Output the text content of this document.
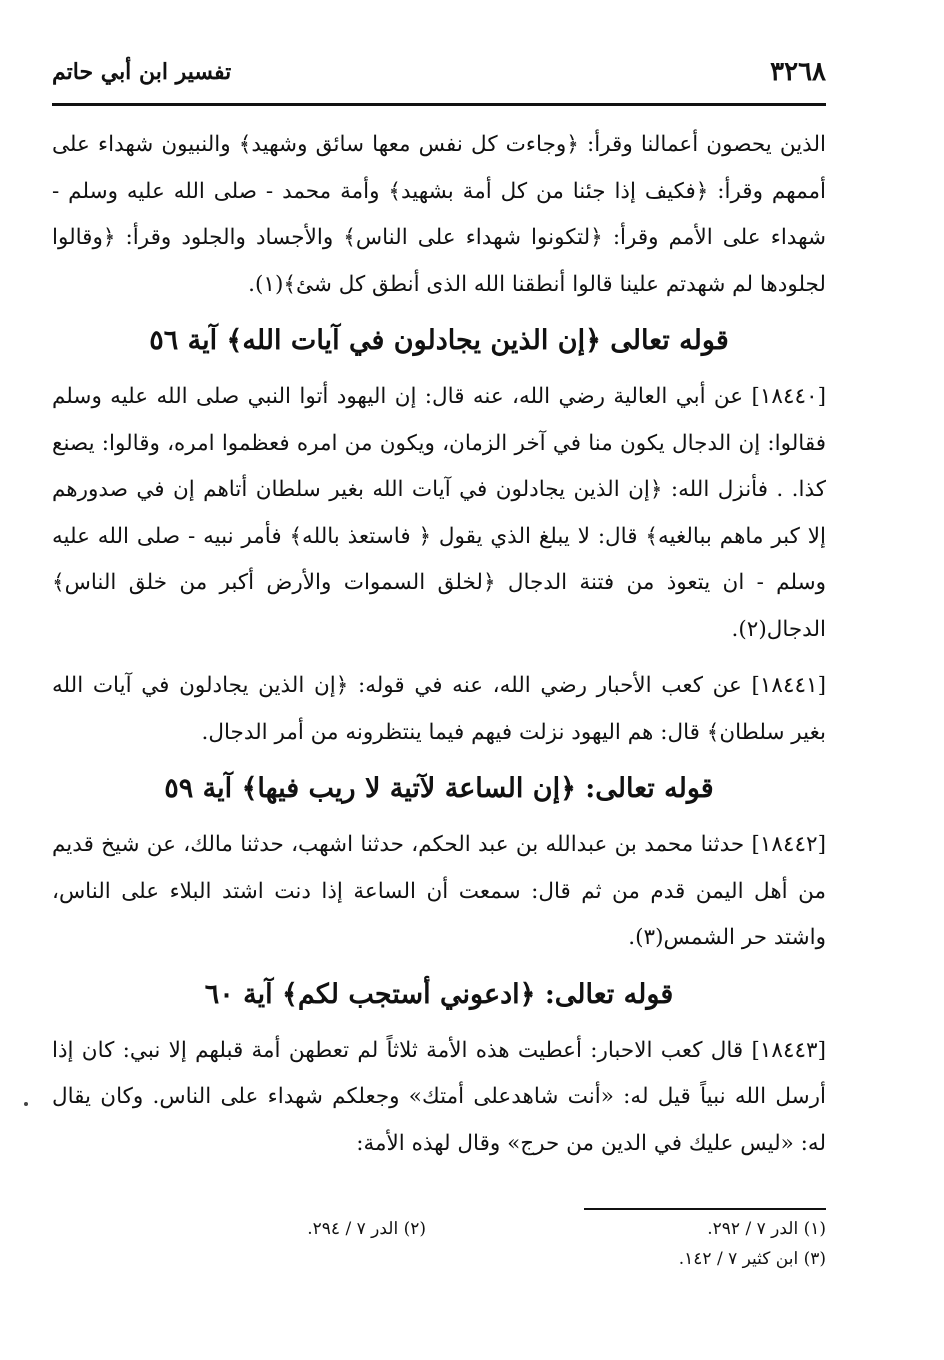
٣٢٦٨
تفسير ابن أبي حاتم

الذين يحصون أعمالنا وقرأ: ﴿وجاءت كل نفس معها سائق وشهيد﴾ والنبيون شهداء على أممهم وقرأ: ﴿فكيف إذا جئنا من كل أمة بشهيد﴾ وأمة محمد - صلى الله عليه وسلم - شهداء على الأمم وقرأ: ﴿لتكونوا شهداء على الناس﴾ والأجساد والجلود وقرأ: ﴿وقالوا لجلودها لم شهدتم علينا قالوا أنطقنا الله الذى أنطق كل شئ﴾(١).

قوله تعالى ﴿إن الذين يجادلون في آيات الله﴾ آية ٥٦

[١٨٤٤٠] عن أبي العالية رضي الله، عنه قال: إن اليهود أتوا النبي صلى الله عليه وسلم فقالوا: إن الدجال يكون منا في آخر الزمان، ويكون من امره فعظموا امره، وقالوا: يصنع كذا. . فأنزل الله: ﴿إن الذين يجادلون في آيات الله بغير سلطان أتاهم إن في صدورهم إلا كبر ماهم ببالغيه﴾ قال: لا يبلغ الذي يقول ﴿ فاستعذ بالله﴾ فأمر نبيه - صلى الله عليه وسلم - ان يتعوذ من فتنة الدجال ﴿لخلق السموات والأرض أكبر من خلق الناس﴾ الدجال(٢).

[١٨٤٤١] عن كعب الأحبار رضي الله، عنه في قوله: ﴿إن الذين يجادلون في آيات الله بغير سلطان﴾ قال: هم اليهود نزلت فيهم فيما ينتظرونه من أمر الدجال.

قوله تعالى: ﴿إن الساعة لآتية لا ريب فيها﴾ آية ٥٩

[١٨٤٤٢] حدثنا محمد بن عبدالله بن عبد الحكم، حدثنا اشهب، حدثنا مالك، عن شيخ قديم من أهل اليمن قدم من ثم قال: سمعت أن الساعة إذا دنت اشتد البلاء على الناس، واشتد حر الشمس(٣).

قوله تعالى: ﴿ادعوني أستجب لكم﴾ آية ٦٠

[١٨٤٤٣] قال كعب الاحبار: أعطيت هذه الأمة ثلاثاً لم تعطهن أمة قبلهم إلا نبي: كان إذا أرسل الله نبياً قيل له: «أنت شاهدعلى أمتك» وجعلكم شهداء على الناس. وكان يقال له: «ليس عليك في الدين من حرج» وقال لهذه الأمة:

(١) الدر ٧ / ٢٩٢.
(٢) الدر ٧ / ٢٩٤.
(٣) ابن كثير ٧ / ١٤٢.
